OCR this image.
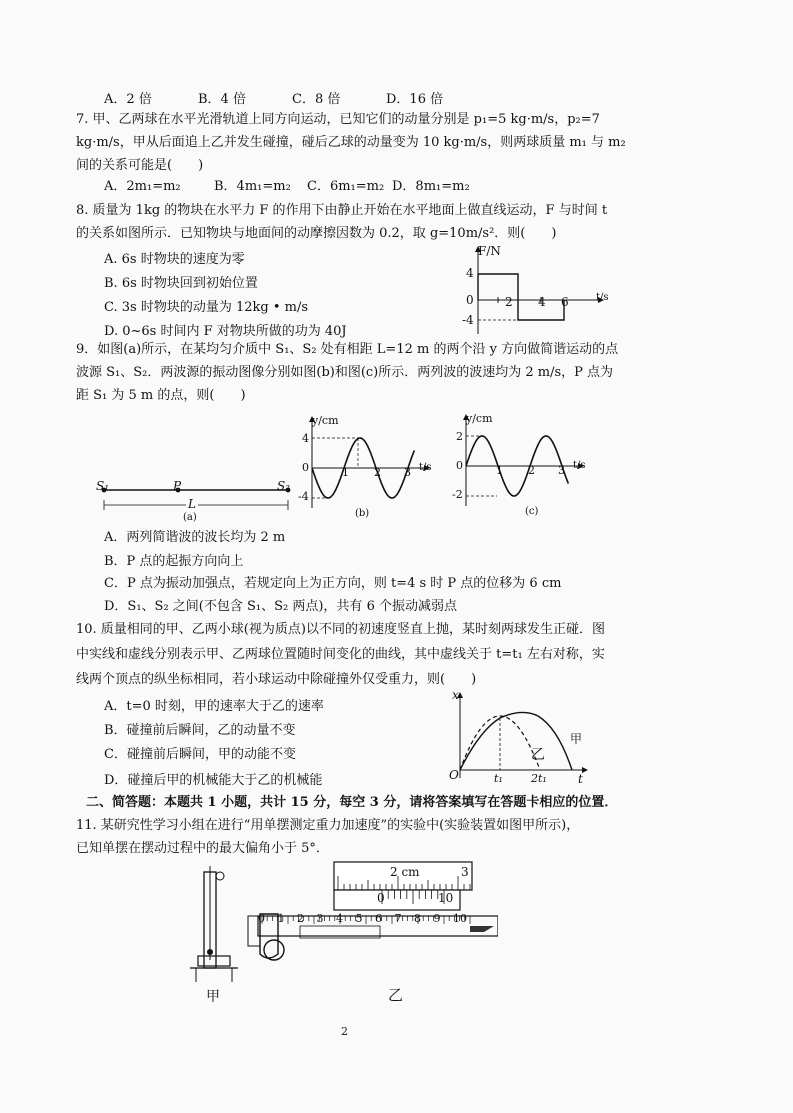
A．2 倍	B．4 倍	C．8 倍	D．16 倍
7. 甲、乙两球在水平光滑轨道上同方向运动，已知它们的动量分别是 p₁=5 kg·m/s，p₂=7
kg·m/s，甲从后面追上乙并发生碰撞，碰后乙球的动量变为 10 kg·m/s，则两球质量 m₁ 与 m₂
间的关系可能是(　　)
A．2m₁=m₂	B．4m₁=m₂ C．6m₁=m₂ D．8m₁=m₂
8. 质量为 1kg 的物块在水平力 F 的作用下由静止开始在水平地面上做直线运动，F 与时间 t
的关系如图所示．已知物块与地面间的动摩擦因数为 0.2，取 g=10m/s²．则(　　)
A. 6s 时物块的速度为零
B. 6s 时物块回到初始位置
C. 3s 时物块的动量为 12kg • m/s
D. 0~6s 时间内 F 对物块所做的功为 40J
F/N
t/s
4
0
-4
2 4 6
9．如图(a)所示，在某均匀介质中 S₁、S₂ 处有相距 L=12 m 的两个沿 y 方向做简谐运动的点
波源 S₁、S₂．两波源的振动图像分别如图(b)和图(c)所示．两列波的波速均为 2 m/s，P 点为
距 S₁ 为 5 m 的点，则(　　)
S₁	P	S₂
L
(a)
y/cm
t/s
4
0
-4
1 2 3
(b)
y/cm
t/s
2
0
-2
1 2 3
(c)
A．两列简谐波的波长均为 2 m
B．P 点的起振方向向上
C．P 点为振动加强点，若规定向上为正方向，则 t=4 s 时 P 点的位移为 6 cm
D．S₁、S₂ 之间(不包含 S₁、S₂ 两点)，共有 6 个振动减弱点
10. 质量相同的甲、乙两小球(视为质点)以不同的初速度竖直上抛，某时刻两球发生正碰．图
中实线和虚线分别表示甲、乙两球位置随时间变化的曲线，其中虚线关于 t=t₁ 左右对称，实
线两个顶点的纵坐标相同，若小球运动中除碰撞外仅受重力，则(　　)
A．t=0 时刻，甲的速率大于乙的速率
B．碰撞前后瞬间，乙的动量不变
C．碰撞前后瞬间，甲的动能不变
D．碰撞后甲的机械能大于乙的机械能
x
O	t₁	2t₁	t
甲
乙
二、简答题：本题共 1 小题，共计 15 分，每空 3 分，请将答案填写在答题卡相应的位置．
11. 某研究性学习小组在进行“用单摆测定重力加速度”的实验中(实验装置如图甲所示)，
已知单摆在摆动过程中的最大偏角小于 5°．
2 cm	3
0	10
0 1 2 3 4 5 6 7 8 9 10
甲	乙
2
